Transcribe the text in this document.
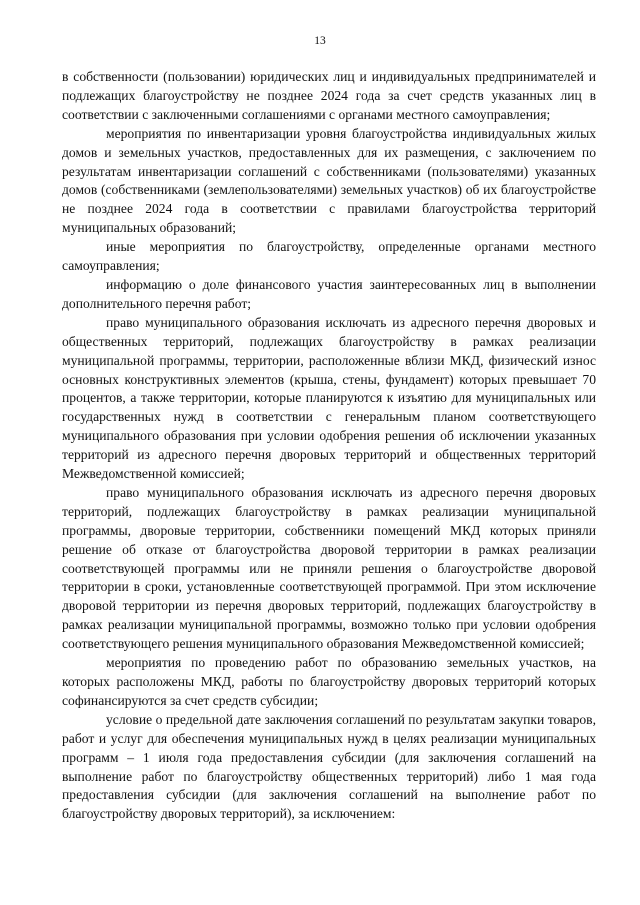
13

в собственности (пользовании) юридических лиц и индивидуальных предпринимателей и подлежащих благоустройству не позднее 2024 года за счет средств указанных лиц в соответствии с заключенными соглашениями с органами местного самоуправления;

мероприятия по инвентаризации уровня благоустройства индивидуальных жилых домов и земельных участков, предоставленных для их размещения, с заключением по результатам инвентаризации соглашений с собственниками (пользователями) указанных домов (собственниками (землепользователями) земельных участков) об их благоустройстве не позднее 2024 года в соответствии с правилами благоустройства территорий муниципальных образований;

иные мероприятия по благоустройству, определенные органами местного самоуправления;

информацию о доле финансового участия заинтересованных лиц в выполнении дополнительного перечня работ;

право муниципального образования исключать из адресного перечня дворовых и общественных территорий, подлежащих благоустройству в рамках реализации муниципальной программы, территории, расположенные вблизи МКД, физический износ основных конструктивных элементов (крыша, стены, фундамент) которых превышает 70 процентов, а также территории, которые планируются к изъятию для муниципальных или государственных нужд в соответствии с генеральным планом соответствующего муниципального образования при условии одобрения решения об исключении указанных территорий из адресного перечня дворовых территорий и общественных территорий Межведомственной комиссией;

право муниципального образования исключать из адресного перечня дворовых территорий, подлежащих благоустройству в рамках реализации муниципальной программы, дворовые территории, собственники помещений МКД которых приняли решение об отказе от благоустройства дворовой территории в рамках реализации соответствующей программы или не приняли решения о благоустройстве дворовой территории в сроки, установленные соответствующей программой. При этом исключение дворовой территории из перечня дворовых территорий, подлежащих благоустройству в рамках реализации муниципальной программы, возможно только при условии одобрения соответствующего решения муниципального образования Межведомственной комиссией;

мероприятия по проведению работ по образованию земельных участков, на которых расположены МКД, работы по благоустройству дворовых территорий которых софинансируются за счет средств субсидии;

условие о предельной дате заключения соглашений по результатам закупки товаров, работ и услуг для обеспечения муниципальных нужд в целях реализации муниципальных программ – 1 июля года предоставления субсидии (для заключения соглашений на выполнение работ по благоустройству общественных территорий) либо 1 мая года предоставления субсидии (для заключения соглашений на выполнение работ по благоустройству дворовых территорий), за исключением:
